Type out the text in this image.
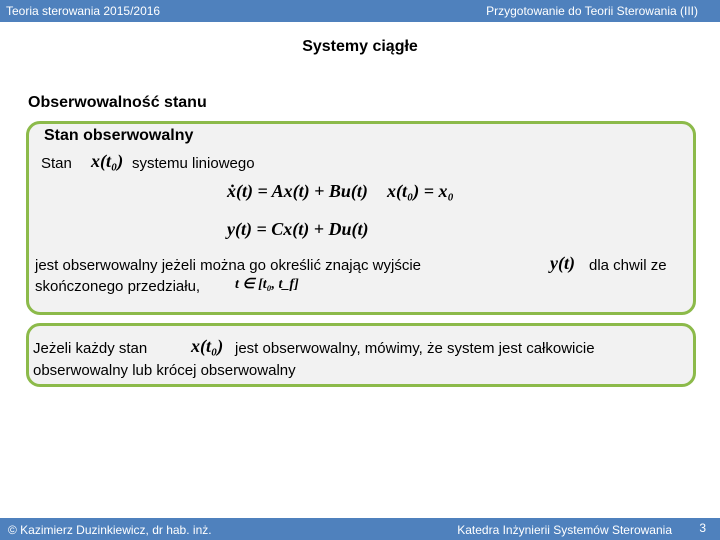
Teoria sterowania 2015/2016	Przygotowanie do Teorii Sterowania (III)
Systemy ciągłe
Obserwowalność stanu
Stan obserwowalny
Stan x(t₀) systemu liniowego
ẋ(t) = Ax(t) + Bu(t) x(t₀) = x₀
y(t) = Cx(t) + Du(t)
jest obserwowalny jeżeli można go określić znając wyjście	y(t) dla chwil ze
skończonego przedziału, t ∈ [t₀, t_f]
Jeżeli każdy stan x(t₀) jest obserwowalny, mówimy, że system jest całkowicie
obserwowalny lub krócej obserwowalny
© Kazimierz Duzinkiewicz, dr hab. inż.	Katedra Inżynierii Systemów Sterowania 3
